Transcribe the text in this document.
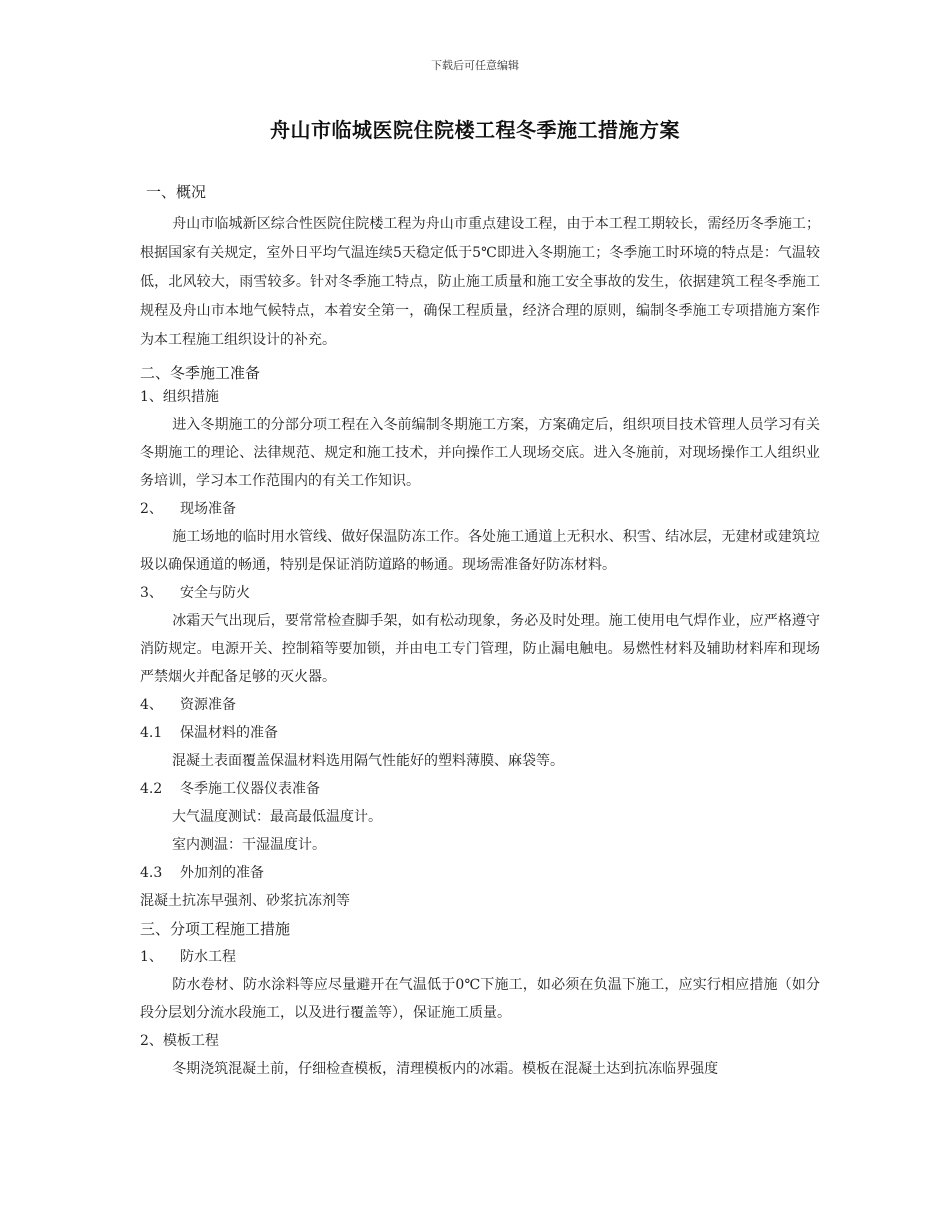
下载后可任意编辑
舟山市临城医院住院楼工程冬季施工措施方案

一、概况

舟山市临城新区综合性医院住院楼工程为舟山市重点建设工程，由于本工程工期较长，需经历冬季施工；根据国家有关规定，室外日平均气温连续5天稳定低于5℃即进入冬期施工；冬季施工时环境的特点是：气温较低，北风较大，雨雪较多。针对冬季施工特点，防止施工质量和施工安全事故的发生，依据建筑工程冬季施工规程及舟山市本地气候特点，本着安全第一，确保工程质量，经济合理的原则，编制冬季施工专项措施方案作为本工程施工组织设计的补充。

二、冬季施工准备

1、组织措施

进入冬期施工的分部分项工程在入冬前编制冬期施工方案，方案确定后，组织项目技术管理人员学习有关冬期施工的理论、法律规范、规定和施工技术，并向操作工人现场交底。进入冬施前，对现场操作工人组织业务培训，学习本工作范围内的有关工作知识。

2、 现场准备

施工场地的临时用水管线、做好保温防冻工作。各处施工通道上无积水、积雪、结冰层，无建材或建筑垃圾以确保通道的畅通，特别是保证消防道路的畅通。现场需准备好防冻材料。

3、 安全与防火

冰霜天气出现后，要常常检查脚手架，如有松动现象，务必及时处理。施工使用电气焊作业，应严格遵守消防规定。电源开关、控制箱等要加锁，并由电工专门管理，防止漏电触电。易燃性材料及辅助材料库和现场严禁烟火并配备足够的灭火器。

4、 资源准备

4.1 保温材料的准备

混凝土表面覆盖保温材料选用隔气性能好的塑料薄膜、麻袋等。

4.2 冬季施工仪器仪表准备

大气温度测试：最高最低温度计。

室内测温：干湿温度计。

4.3 外加剂的准备

混凝土抗冻早强剂、砂浆抗冻剂等

三、分项工程施工措施

1、 防水工程

防水卷材、防水涂料等应尽量避开在气温低于0℃下施工，如必须在负温下施工，应实行相应措施（如分段分层划分流水段施工，以及进行覆盖等），保证施工质量。

2、模板工程

冬期浇筑混凝土前，仔细检查模板，清理模板内的冰霜。模板在混凝土达到抗冻临界强度
